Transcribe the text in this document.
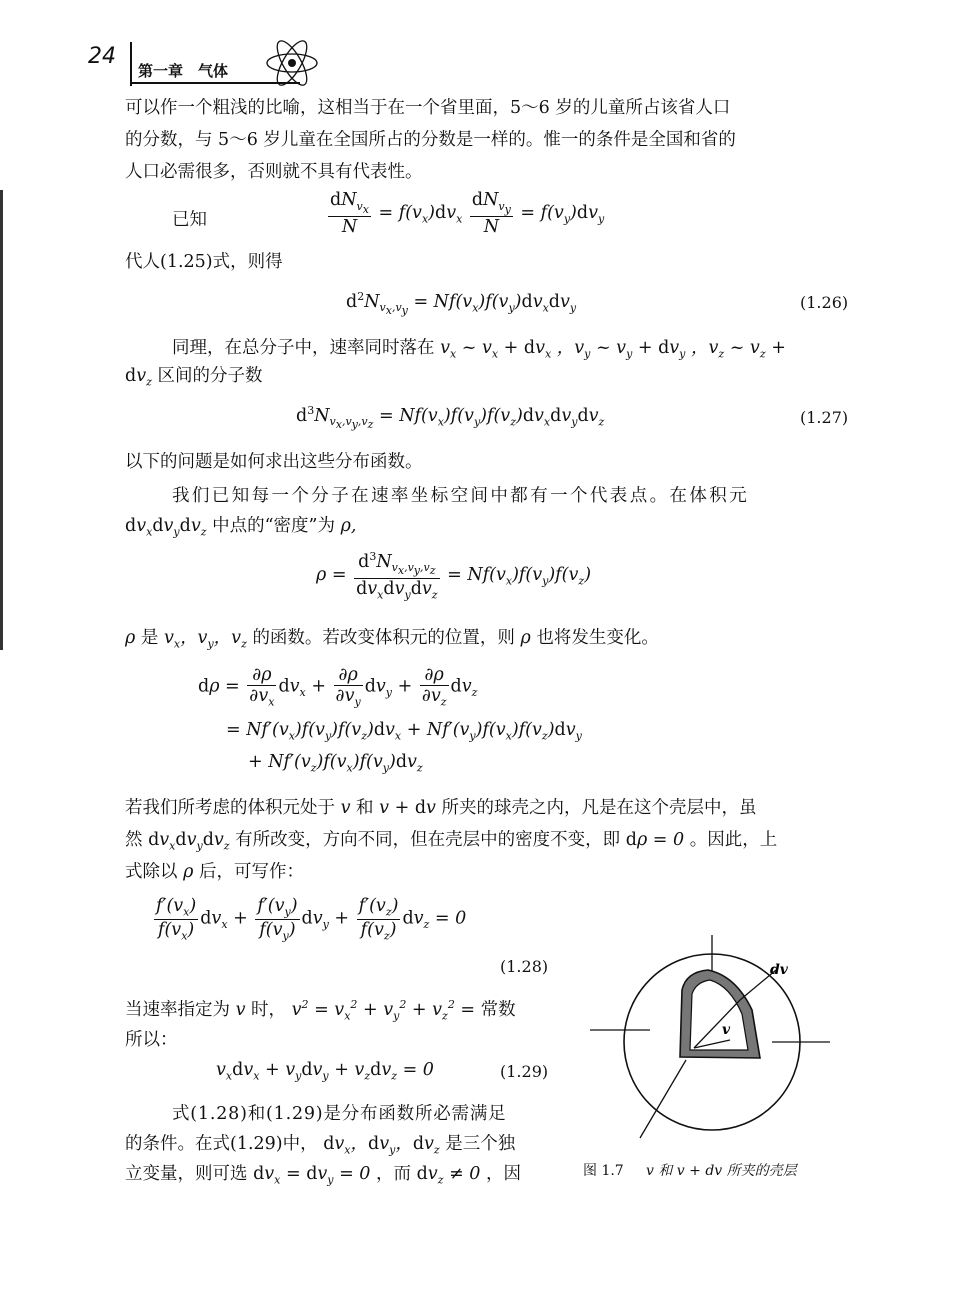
24
第一章　气体
可以作一个粗浅的比喻，这相当于在一个省里面，5～6 岁的儿童所占该省人口
的分数，与 5～6 岁儿童在全国所占的分数是一样的。惟一的条件是全国和省的
人口必需很多，否则就不具有代表性。
已知	$\frac{dN_{v_x}}{N} = f(v_x)dv_x \frac{dN_{v_y}}{N} = f(v_y)dv_y$
代人(1.25)式，则得
$d^2N_{v_x,v_y} = Nf(v_x)f(v_y)dv_xdv_y$	(1.26)
同理，在总分子中，速率同时落在 $v_x$ ~ $v_x + dv_x$ ，$v_y$ ~ $v_y + dv_y$ ，$v_z$ ~ $v_z$ +
$dv_z$ 区间的分子数
$d^3N_{v_x,v_y,v_z} = Nf(v_x)f(v_y)f(v_z)dv_xdv_ydv_z$	(1.27)
以下的问题是如何求出这些分布函数。
我们已知每一个分子在速率坐标空间中都有一个代表点。在体积元
$dv_xdv_ydv_z$ 中点的“密度”为 ρ,
$\rho = \frac{d^3N_{v_x,v_y,v_z}}{dv_xdv_ydv_z} = Nf(v_x)f(v_y)f(v_z)$
ρ 是 $v_x$，$v_y$，$v_z$ 的函数。若改变体积元的位置，则 ρ 也将发生变化。
$d\rho = \frac{\partial\rho}{\partial v_x} dv_x + \frac{\partial\rho}{\partial v_y} dv_y + \frac{\partial\rho}{\partial v_z} dv_z$
= $Nf'(v_x)f(v_y)f(v_z)dv_x + Nf'(v_y)f(v_x)f(v_z)dv_y$
+ $Nf'(v_z)f(v_x)f(v_y)dv_z$
若我们所考虑的体积元处于 v 和 v + dv 所夹的球壳之内，凡是在这个壳层中，虽
然 $dv_xdv_ydv_z$ 有所改变，方向不同，但在壳层中的密度不变，即 dρ = 0 。因此，上
式除以 ρ 后，可写作：
$\frac{f'(v_x)}{f(v_x)} dv_x + \frac{f'(v_y)}{f(v_y)} dv_y + \frac{f'(v_z)}{f(v_z)} dv_z = 0$
(1.28)
当速率指定为 v 时， $v^2 = v_x^2 + v_y^2 + v_z^2$ = 常数
所以：
$v_xdv_x + v_ydv_y + v_zdv_z = 0$	(1.29)
式(1.28)和(1.29)是分布函数所必需满足
的条件。在式(1.29)中， $dv_x$，$dv_y$，$dv_z$ 是三个独
立变量，则可选 $dv_x = dv_y = 0$ ，而 $dv_z \ne 0$ ，因
dv
v
图 1.7 v 和 v + dv 所夹的壳层
